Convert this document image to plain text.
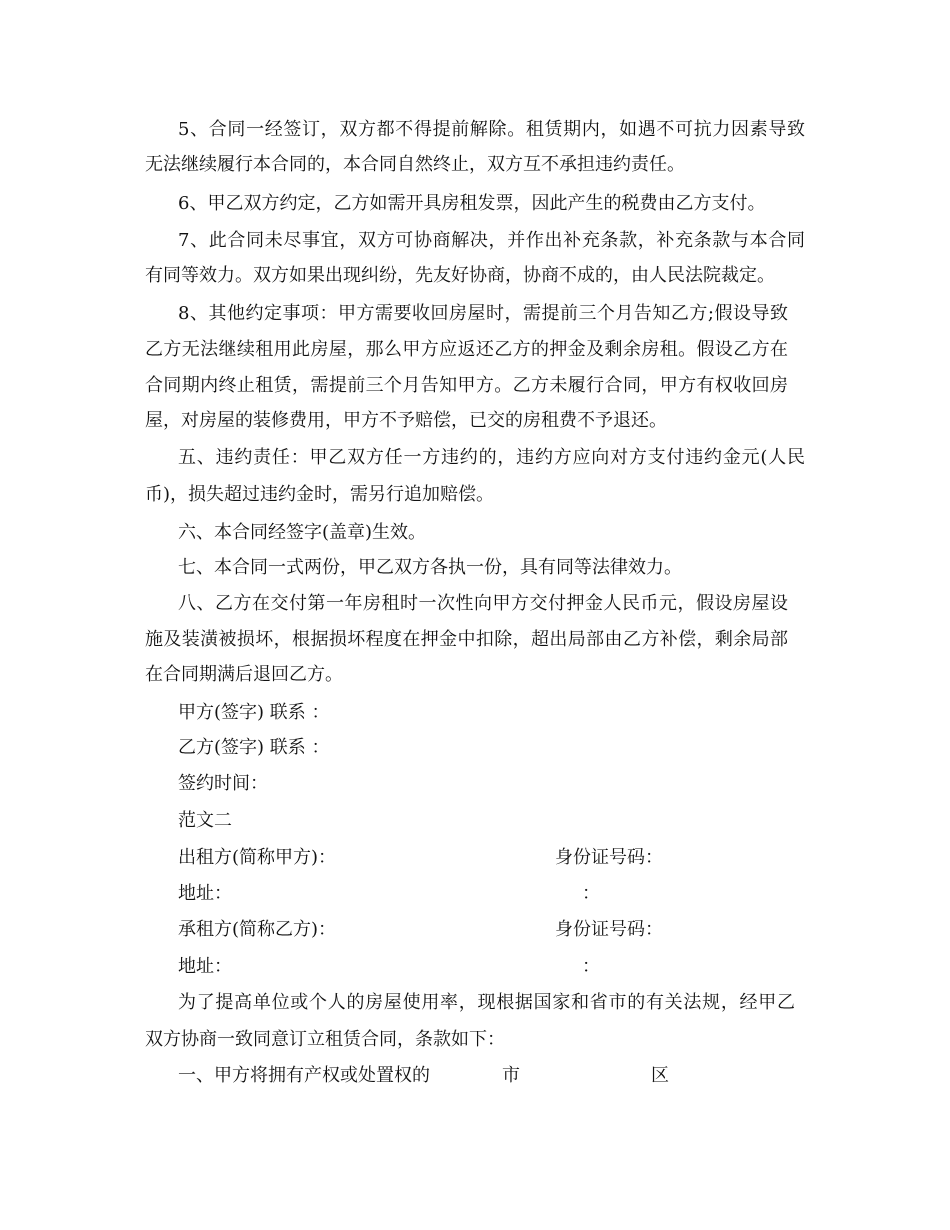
5、合同一经签订，双方都不得提前解除。租赁期内，如遇不可抗力因素导致
无法继续履行本合同的，本合同自然终止，双方互不承担违约责任。
6、甲乙双方约定，乙方如需开具房租发票，因此产生的税费由乙方支付。
7、此合同未尽事宜，双方可协商解决，并作出补充条款，补充条款与本合同
有同等效力。双方如果出现纠纷，先友好协商，协商不成的，由人民法院裁定。
8、其他约定事项：甲方需要收回房屋时，需提前三个月告知乙方;假设导致
乙方无法继续租用此房屋，那么甲方应返还乙方的押金及剩余房租。假设乙方在
合同期内终止租赁，需提前三个月告知甲方。乙方未履行合同，甲方有权收回房
屋，对房屋的装修费用，甲方不予赔偿，已交的房租费不予退还。
五、违约责任：甲乙双方任一方违约的，违约方应向对方支付违约金元(人民
币)，损失超过违约金时，需另行追加赔偿。
六、本合同经签字(盖章)生效。
七、本合同一式两份，甲乙双方各执一份，具有同等法律效力。
八、乙方在交付第一年房租时一次性向甲方交付押金人民币元，假设房屋设
施及装潢被损坏，根据损坏程度在押金中扣除，超出局部由乙方补偿，剩余局部
在合同期满后退回乙方。
甲方(签字) 联系 ：
乙方(签字) 联系 ：
签约时间：
范文二
出租方(简称甲方)：	身份证号码：
地址：	：
承租方(简称乙方)：	身份证号码：
地址：	：
为了提高单位或个人的房屋使用率，现根据国家和省市的有关法规，经甲乙
双方协商一致同意订立租赁合同，条款如下：
一、甲方将拥有产权或处置权的	市	区
